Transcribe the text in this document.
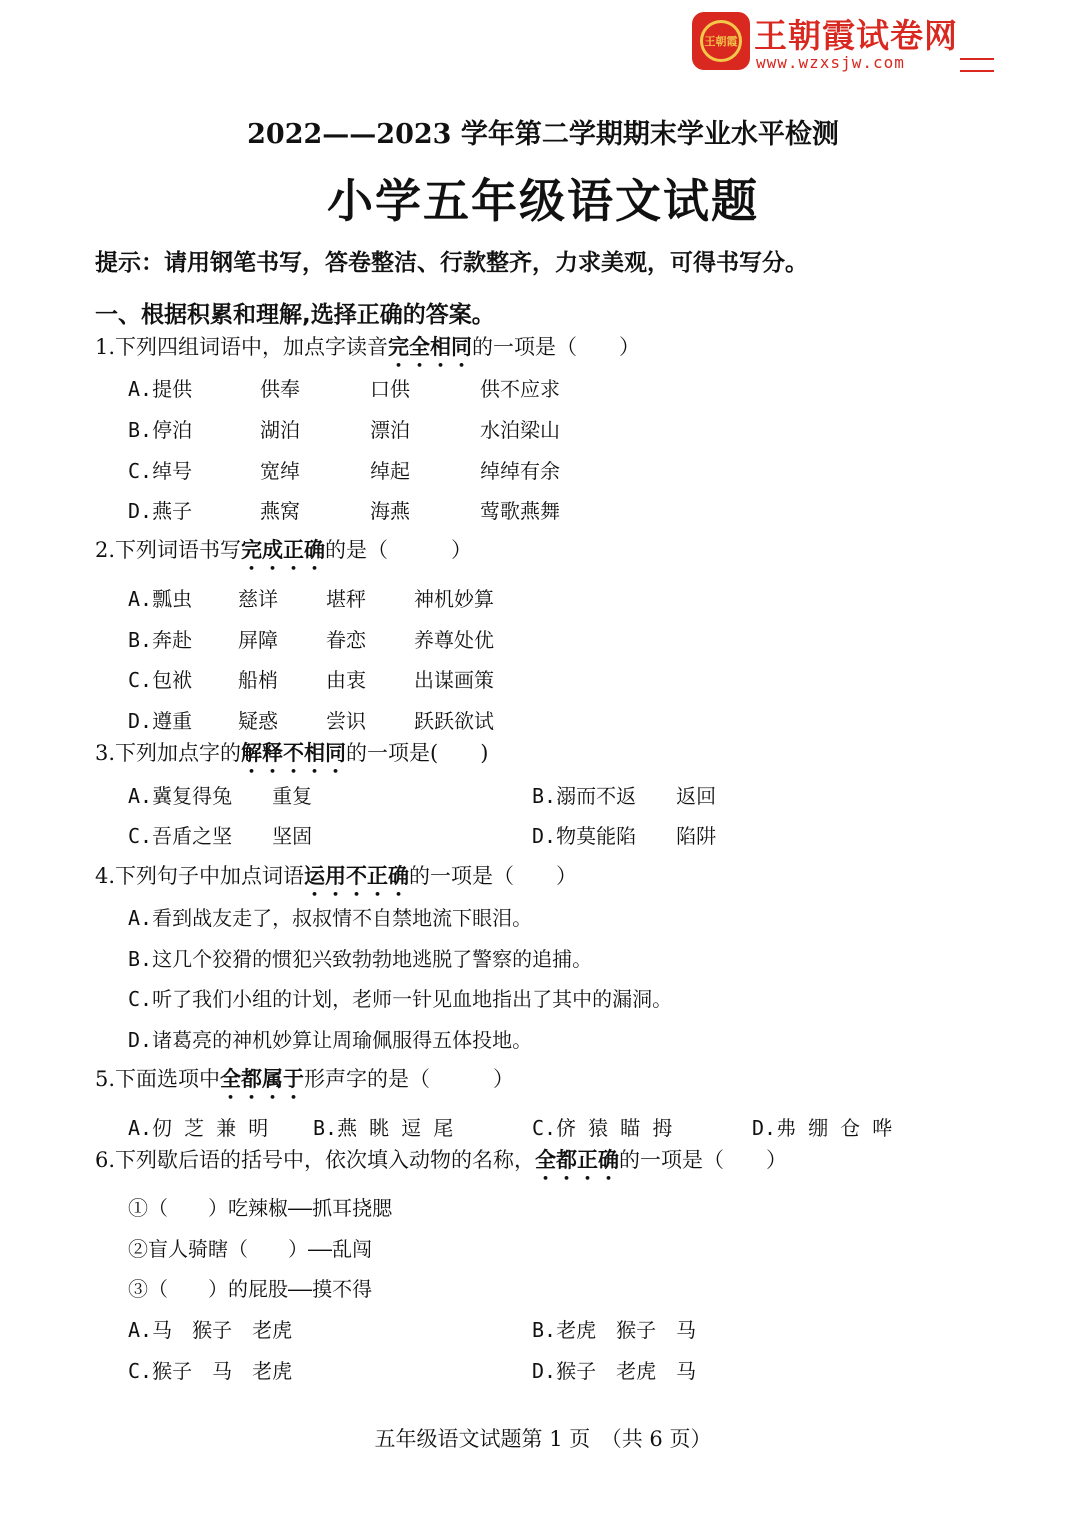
王朝霞 王朝霞试卷网
www.wzxsjw.com
2022——2023 学年第二学期期末学业水平检测
小学五年级语文试题
提示：请用钢笔书写，答卷整洁、行款整齐，力求美观，可得书写分。
一、根据积累和理解,选择正确的答案。
1.下列四组词语中，加点字读音完全相同的一项是（　　）
A.提供	供奉	口供	供不应求
B.停泊	湖泊	漂泊	水泊梁山
C.绰号	宽绰	绰起	绰绰有余
D.燕子	燕窝	海燕	莺歌燕舞
2.下列词语书写完成正确的是（　　　）
A.瓢虫 慈详 堪秤 神机妙算
B.奔赴 屏障 眷恋 养尊处优
C.包袱 船梢 由衷 出谋画策
D.遵重 疑惑 尝识 跃跃欲试
3.下列加点字的解释不相同的一项是(　　)
A.冀复得兔　　重复	B.溺而不返　　返回
C.吾盾之坚　　坚固	D.物莫能陷　　陷阱
4.下列句子中加点词语运用不正确的一项是（　　）
A.看到战友走了，叔叔情不自禁地流下眼泪。
B.这几个狡猾的惯犯兴致勃勃地逃脱了警察的追捕。
C.听了我们小组的计划，老师一针见血地指出了其中的漏洞。
D.诸葛亮的神机妙算让周瑜佩服得五体投地。
5.下面选项中全都属于形声字的是（　　　）
A.仞 芝 兼 明 B.燕 眺 逗 尾	C.侪 猿 瞄 拇	D.弗 绷 仓 哗
6.下列歇后语的括号中，依次填入动物的名称，全都正确的一项是（　　）
①（　　）吃辣椒——抓耳挠腮
②盲人骑瞎（　　）——乱闯
③（　　）的屁股——摸不得
A.马　猴子　老虎	B.老虎　猴子　马
C.猴子　马　老虎	D.猴子　老虎　马
五年级语文试题第 1 页　（共 6 页）
